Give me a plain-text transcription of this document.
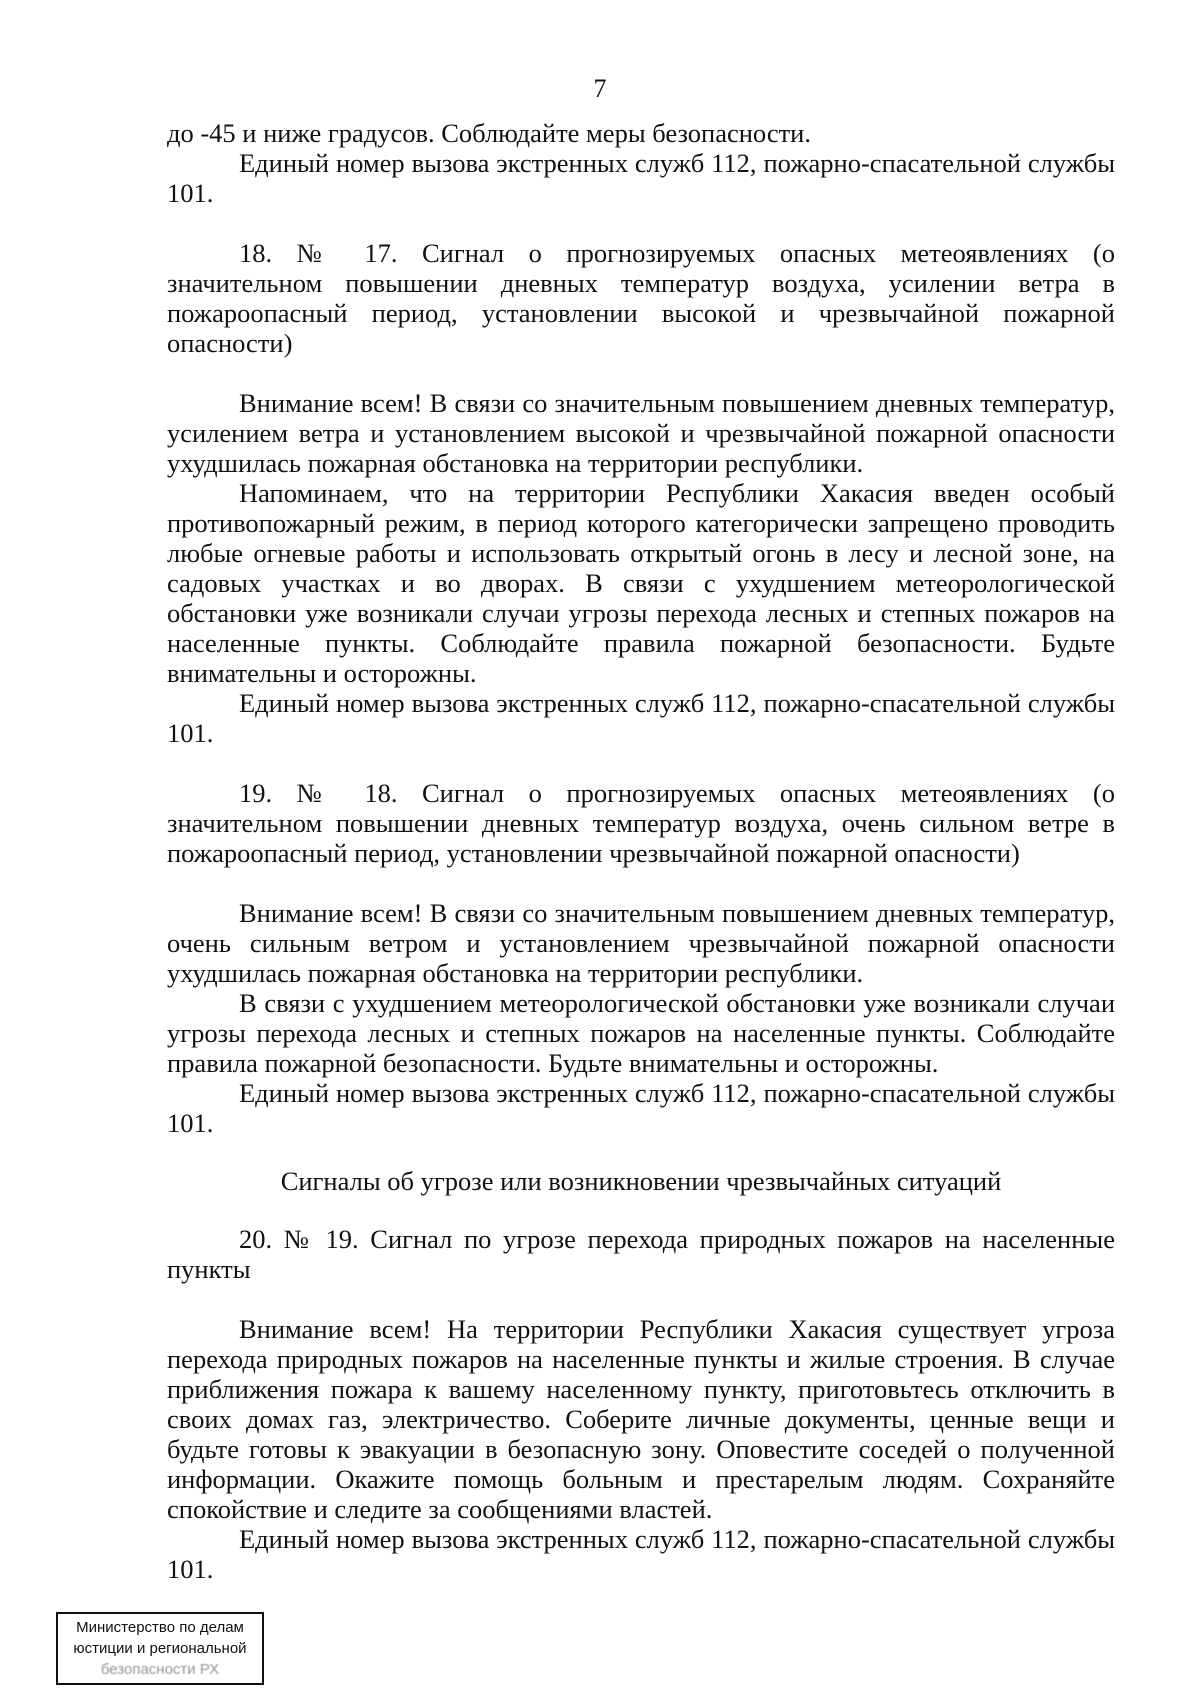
7

до -45 и ниже градусов. Соблюдайте меры безопасности.

Единый номер вызова экстренных служб 112, пожарно-спасательной службы 101.

18. № 17. Сигнал о прогнозируемых опасных метеоявлениях (о значительном повышении дневных температур воздуха, усилении ветра в пожароопасный период, установлении высокой и чрезвычайной пожарной опасности)

Внимание всем! В связи со значительным повышением дневных температур, усилением ветра и установлением высокой и чрезвычайной пожарной опасности ухудшилась пожарная обстановка на территории республики.

Напоминаем, что на территории Республики Хакасия введен особый противопожарный режим, в период которого категорически запрещено проводить любые огневые работы и использовать открытый огонь в лесу и лесной зоне, на садовых участках и во дворах. В связи с ухудшением метеорологической обстановки уже возникали случаи угрозы перехода лесных и степных пожаров на населенные пункты. Соблюдайте правила пожарной безопасности. Будьте внимательны и осторожны.

Единый номер вызова экстренных служб 112, пожарно-спасательной службы 101.

19. № 18. Сигнал о прогнозируемых опасных метеоявлениях (о значительном повышении дневных температур воздуха, очень сильном ветре в пожароопасный период, установлении чрезвычайной пожарной опасности)

Внимание всем! В связи со значительным повышением дневных температур, очень сильным ветром и установлением чрезвычайной пожарной опасности ухудшилась пожарная обстановка на территории республики.

В связи с ухудшением метеорологической обстановки уже возникали случаи угрозы перехода лесных и степных пожаров на населенные пункты. Соблюдайте правила пожарной безопасности. Будьте внимательны и осторожны.

Единый номер вызова экстренных служб 112, пожарно-спасательной службы 101.

Сигналы об угрозе или возникновении чрезвычайных ситуаций

20. № 19. Сигнал по угрозе перехода природных пожаров на населенные пункты

Внимание всем! На территории Республики Хакасия существует угроза перехода природных пожаров на населенные пункты и жилые строения. В случае приближения пожара к вашему населенному пункту, приготовьтесь отключить в своих домах газ, электричество. Соберите личные документы, ценные вещи и будьте готовы к эвакуации в безопасную зону. Оповестите соседей о полученной информации. Окажите помощь больным и престарелым людям. Сохраняйте спокойствие и следите за сообщениями властей.

Единый номер вызова экстренных служб 112, пожарно-спасательной службы 101.

Министерство по делам
юстиции и региональной
безопасности РХ
